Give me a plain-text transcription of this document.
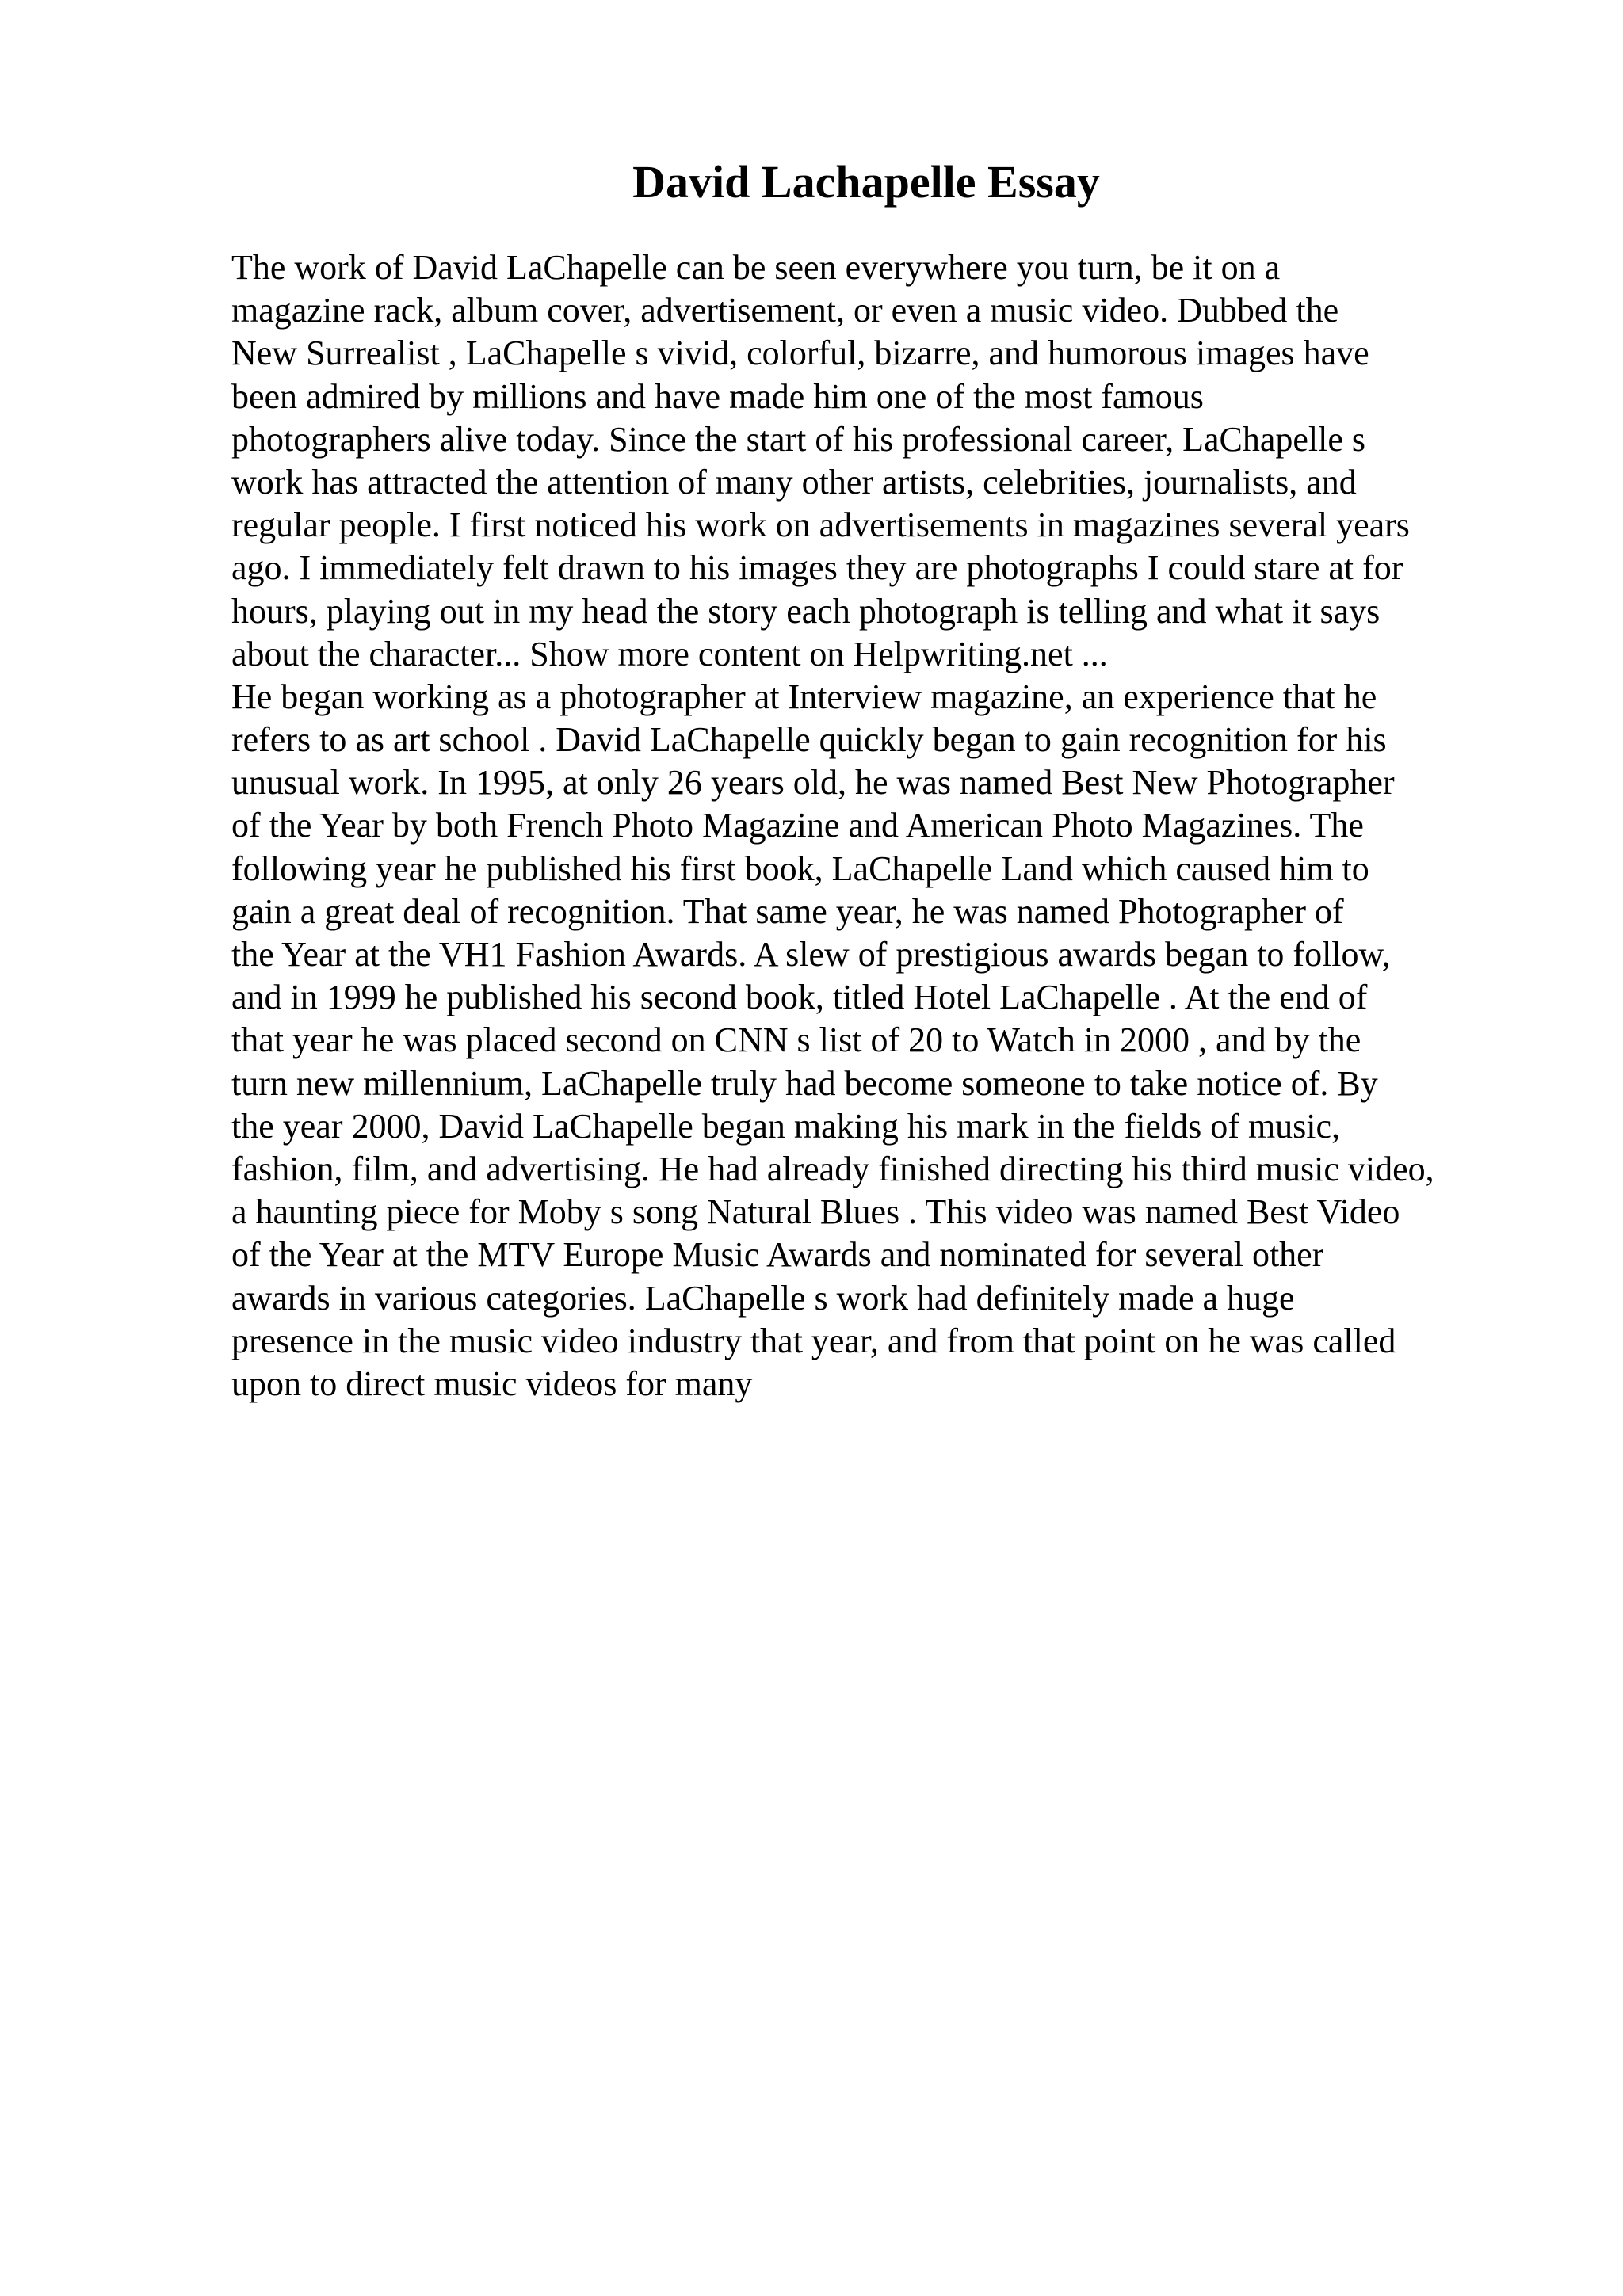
David Lachapelle Essay
The work of David LaChapelle can be seen everywhere you turn, be it on a
magazine rack, album cover, advertisement, or even a music video. Dubbed the
New Surrealist , LaChapelle s vivid, colorful, bizarre, and humorous images have
been admired by millions and have made him one of the most famous
photographers alive today. Since the start of his professional career, LaChapelle s
work has attracted the attention of many other artists, celebrities, journalists, and
regular people. I first noticed his work on advertisements in magazines several years
ago. I immediately felt drawn to his images they are photographs I could stare at for
hours, playing out in my head the story each photograph is telling and what it says
about the character... Show more content on Helpwriting.net ...
He began working as a photographer at Interview magazine, an experience that he
refers to as art school . David LaChapelle quickly began to gain recognition for his
unusual work. In 1995, at only 26 years old, he was named Best New Photographer
of the Year by both French Photo Magazine and American Photo Magazines. The
following year he published his first book, LaChapelle Land which caused him to
gain a great deal of recognition. That same year, he was named Photographer of
the Year at the VH1 Fashion Awards. A slew of prestigious awards began to follow,
and in 1999 he published his second book, titled Hotel LaChapelle . At the end of
that year he was placed second on CNN s list of 20 to Watch in 2000 , and by the
turn new millennium, LaChapelle truly had become someone to take notice of. By
the year 2000, David LaChapelle began making his mark in the fields of music,
fashion, film, and advertising. He had already finished directing his third music video,
a haunting piece for Moby s song Natural Blues . This video was named Best Video
of the Year at the MTV Europe Music Awards and nominated for several other
awards in various categories. LaChapelle s work had definitely made a huge
presence in the music video industry that year, and from that point on he was called
upon to direct music videos for many
